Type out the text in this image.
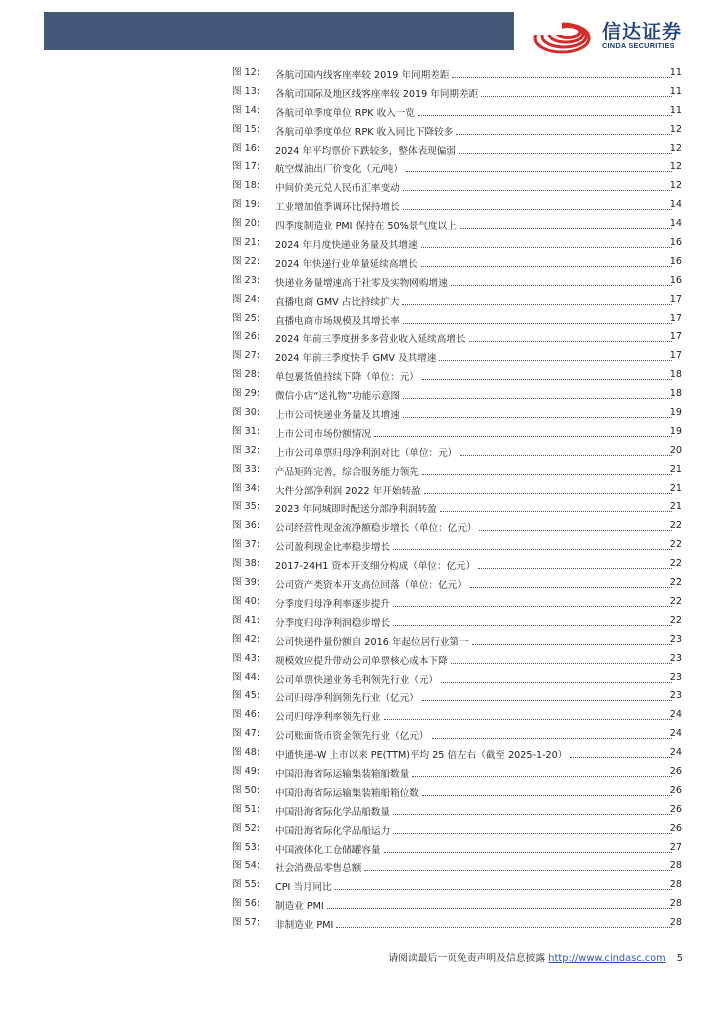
信达证券
CINDA SECURITIES
图 12:	各航司国内线客座率较 2019 年同期差距	11
图 13:	各航司国际及地区线客座率较 2019 年同期差距	11
图 14:	各航司单季度单位 RPK 收入一览	11
图 15:	各航司单季度单位 RPK 收入同比下降较多	12
图 16:	2024 年平均票价下跌较多，整体表现偏弱	12
图 17:	航空煤油出厂价变化（元/吨）	12
图 18:	中间价美元兑人民币汇率变动	12
图 19:	工业增加值季调环比保持增长	14
图 20:	四季度制造业 PMI 保持在 50%景气度以上	14
图 21:	2024 年月度快递业务量及其增速	16
图 22:	2024 年快递行业单量延续高增长	16
图 23:	快递业务量增速高于社零及实物网购增速	16
图 24:	直播电商 GMV 占比持续扩大	17
图 25:	直播电商市场规模及其增长率	17
图 26:	2024 年前三季度拼多多营业收入延续高增长	17
图 27:	2024 年前三季度快手 GMV 及其增速	17
图 28:	单包裹货值持续下降（单位：元）	18
图 29:	微信小店“送礼物”功能示意图	18
图 30:	上市公司快递业务量及其增速	19
图 31:	上市公司市场份额情况	19
图 32:	上市公司单票归母净利润对比（单位：元）	20
图 33:	产品矩阵完善，综合服务能力领先	21
图 34:	大件分部净利润 2022 年开始转盈	21
图 35:	2023 年同城即时配送分部净利润转盈	21
图 36:	公司经营性现金流净额稳步增长（单位：亿元）	22
图 37:	公司盈利现金比率稳步增长	22
图 38:	2017-24H1 资本开支细分构成（单位：亿元）	22
图 39:	公司资产类资本开支高位回落（单位：亿元）	22
图 40:	分季度归母净利率逐步提升	22
图 41:	分季度归母净利润稳步增长	22
图 42:	公司快递件量份额自 2016 年起位居行业第一	23
图 43:	规模效应提升带动公司单票核心成本下降	23
图 44:	公司单票快递业务毛利领先行业（元）	23
图 45:	公司归母净利润领先行业（亿元）	23
图 46:	公司归母净利率领先行业	24
图 47:	公司账面货币资金领先行业（亿元）	24
图 48:	中通快递-W 上市以来 PE(TTM)平均 25 倍左右（截至 2025-1-20）	24
图 49:	中国沿海省际运输集装箱船数量	26
图 50:	中国沿海省际运输集装箱船箱位数	26
图 51:	中国沿海省际化学品船数量	26
图 52:	中国沿海省际化学品船运力	26
图 53:	中国液体化工仓储罐容量	27
图 54:	社会消费品零售总额	28
图 55:	CPI 当月同比	28
图 56:	制造业 PMI	28
图 57:	非制造业 PMI	28
请阅读最后一页免责声明及信息披露 http://www.cindasc.com 5
